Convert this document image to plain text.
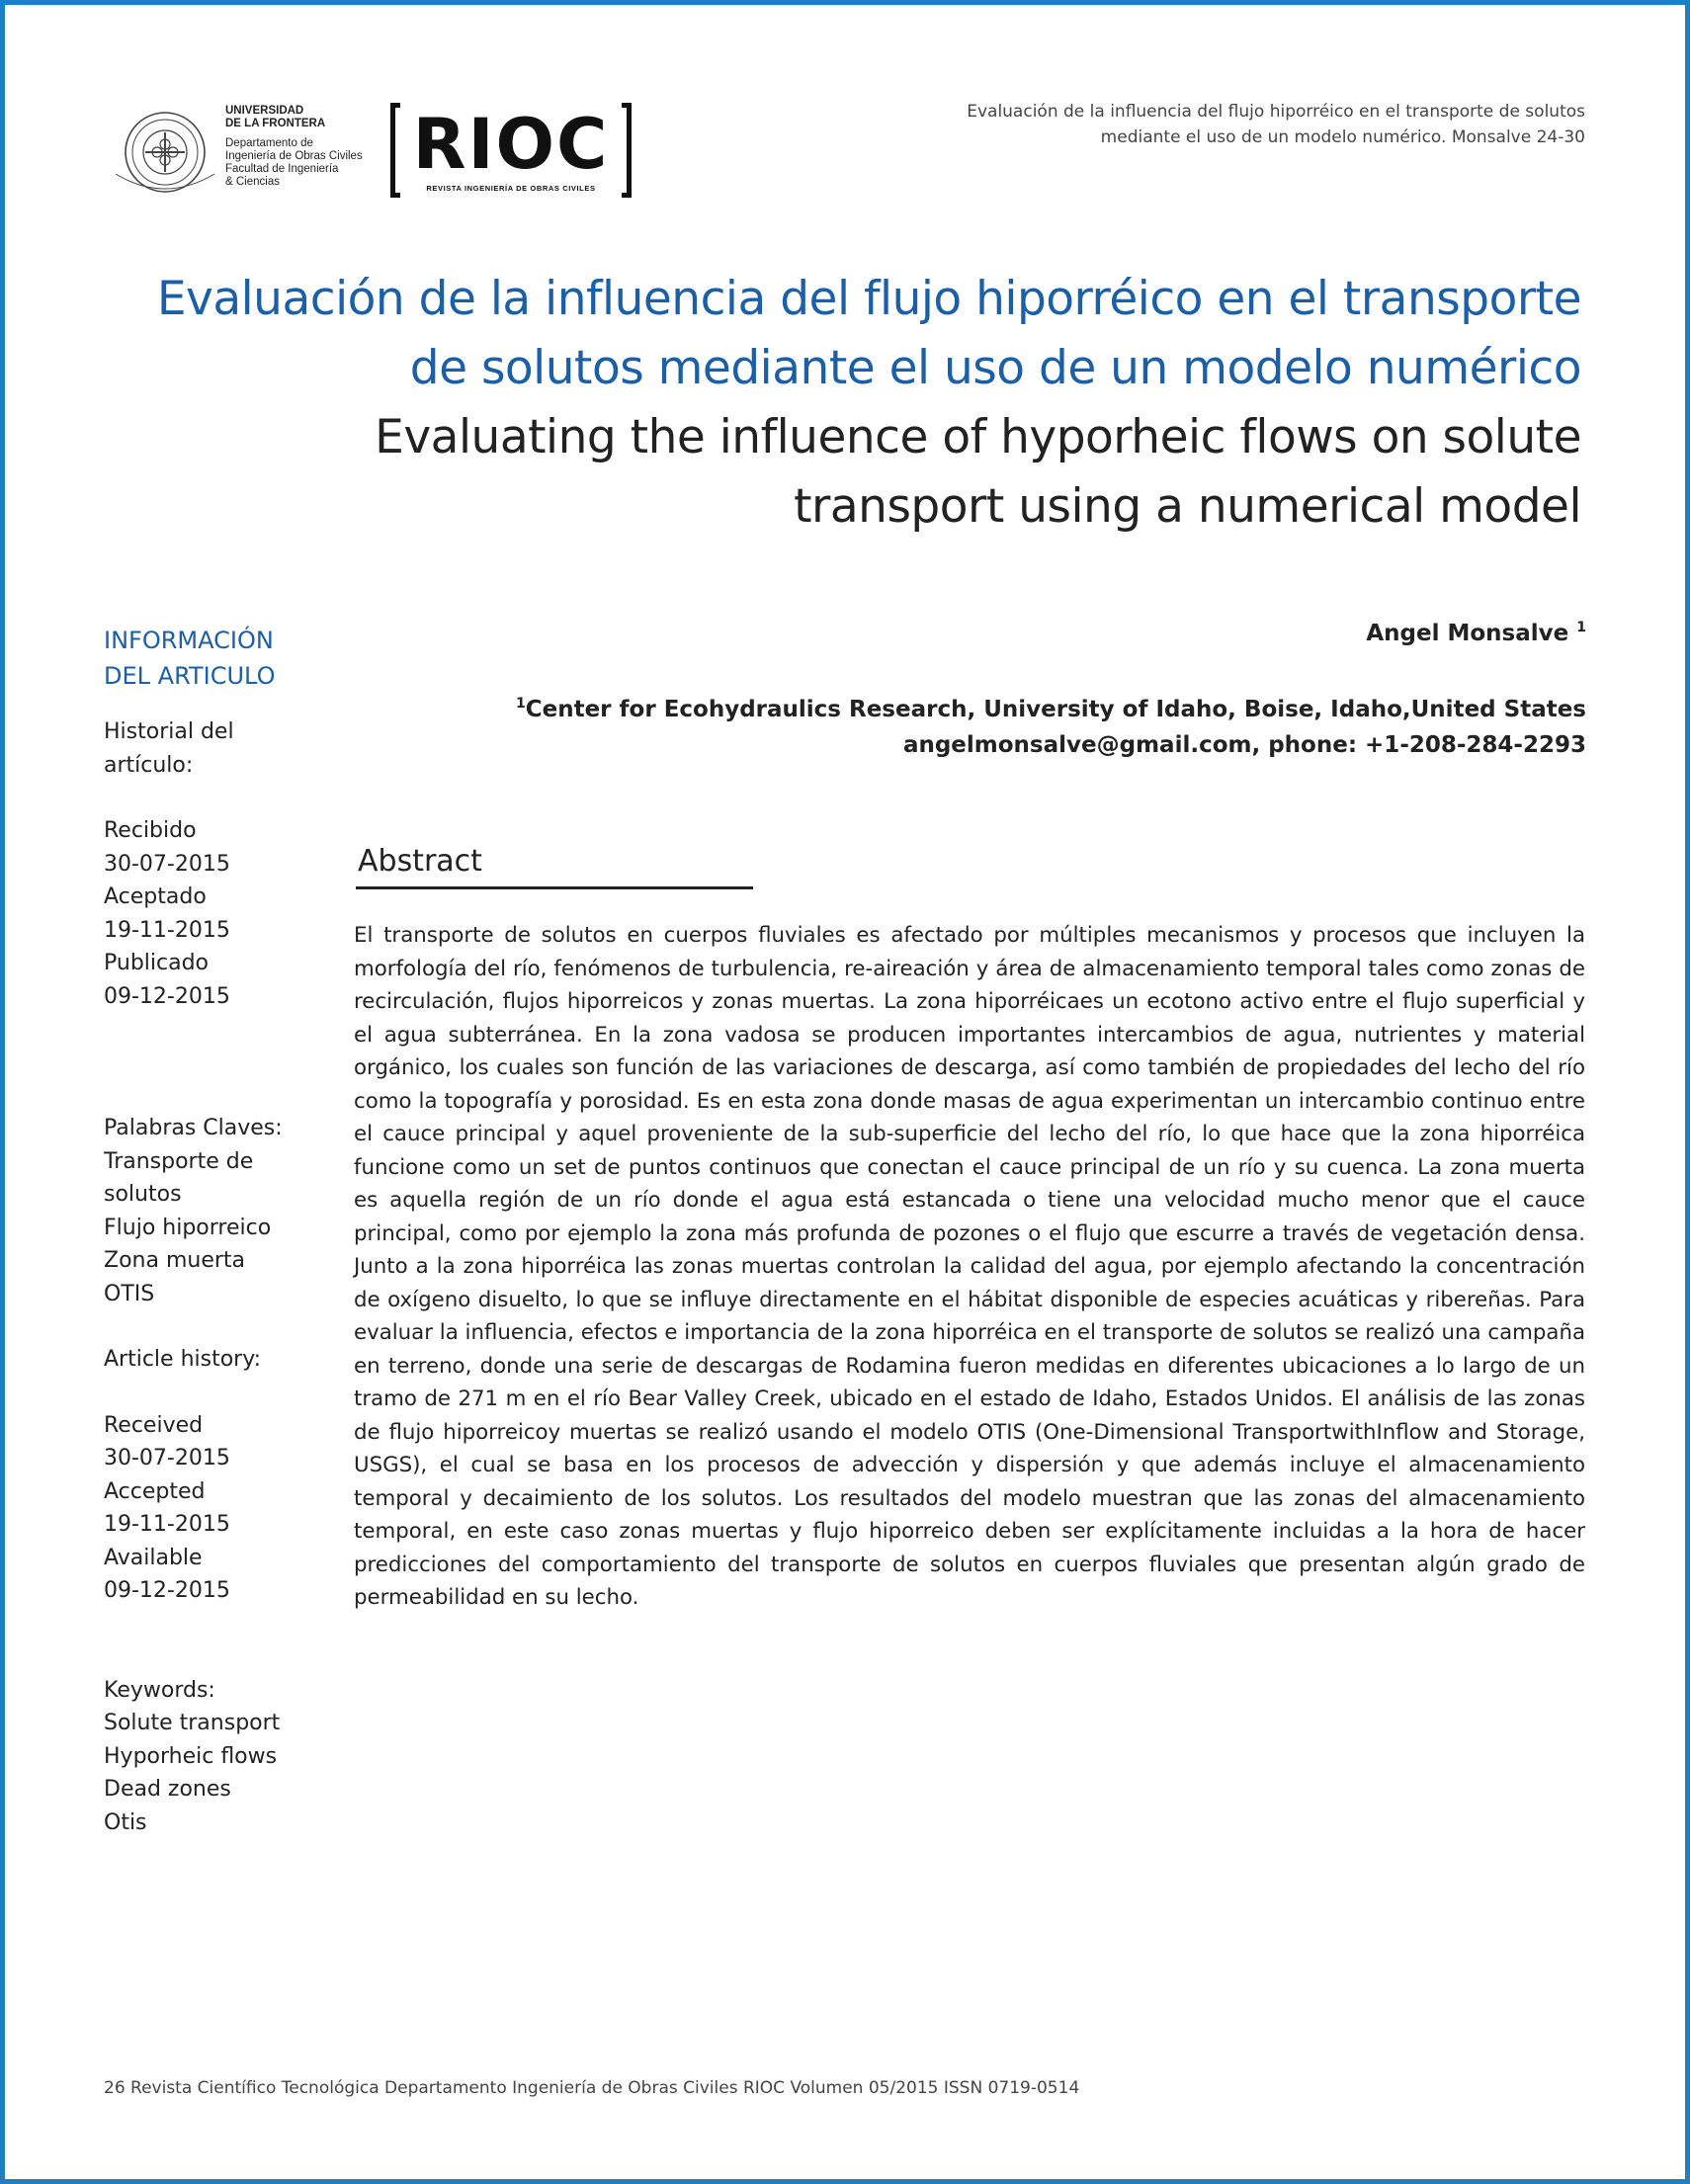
UNIVERSIDAD
DE LA FRONTERA
Departamento de
Ingeniería de Obras Civiles
Facultad de Ingeniería
& Ciencias	RIOC
REVISTA INGENIERÍA DE OBRAS CIVILES
Evaluación de la influencia del flujo hiporréico en el transporte de solutos
mediante el uso de un modelo numérico. Monsalve 24-30
Evaluación de la influencia del flujo hiporréico en el transporte
de solutos mediante el uso de un modelo numérico
Evaluating the influence of hyporheic flows on solute
transport using a numerical model
INFORMACIÓN
DEL ARTICULO
Historial del
artículo:
Recibido
30-07-2015
Aceptado
19-11-2015
Publicado
09-12-2015
Palabras Claves:
Transporte de
solutos
Flujo hiporreico
Zona muerta
OTIS
Article history:
Received
30-07-2015
Accepted
19-11-2015
Available
09-12-2015
Keywords:
Solute transport
Hyporheic flows
Dead zones
Otis
Angel Monsalve $^1$
$^1$Center for Ecohydraulics Research, University of Idaho, Boise, Idaho,United States
angelmonsalve@gmail.com, phone: +1-208-284-2293
Abstract
El transporte de solutos en cuerpos fluviales es afectado por múltiples mecanismos y procesos que incluyen la morfología del río, fenómenos de turbulencia, re-aireación y área de almacenamiento temporal tales como zonas de recirculación, flujos hiporreicos y zonas muertas. La zona hiporréicaes un ecotono activo entre el flujo superficial y el agua subterránea. En la zona vadosa se producen importantes intercambios de agua, nutrientes y material orgánico, los cuales son función de las variaciones de descarga, así como también de propiedades del lecho del río como la topografía y porosidad. Es en esta zona donde masas de agua experimentan un intercambio continuo entre el cauce principal y aquel proveniente de la sub-superficie del lecho del río, lo que hace que la zona hiporréica funcione como un set de puntos continuos que conectan el cauce principal de un río y su cuenca. La zona muerta es aquella región de un río donde el agua está estancada o tiene una velocidad mucho menor que el cauce principal, como por ejemplo la zona más profunda de pozones o el flujo que escurre a través de vegetación densa. Junto a la zona hiporréica las zonas muertas controlan la calidad del agua, por ejemplo afectando la concentración de oxígeno disuelto, lo que se influye directamente en el hábitat disponible de especies acuáticas y ribereñas. Para evaluar la influencia, efectos e importancia de la zona hiporréica en el transporte de solutos se realizó una campaña en terreno, donde una serie de descargas de Rodamina fueron medidas en diferentes ubicaciones a lo largo de un tramo de 271 m en el río Bear Valley Creek, ubicado en el estado de Idaho, Estados Unidos. El análisis de las zonas de flujo hiporreicoy muertas se realizó usando el modelo OTIS (One-Dimensional TransportwithInflow and Storage, USGS), el cual se basa en los procesos de advección y dispersión y que además incluye el almacenamiento temporal y decaimiento de los solutos. Los resultados del modelo muestran que las zonas del almacenamiento temporal, en este caso zonas muertas y flujo hiporreico deben ser explícitamente incluidas a la hora de hacer predicciones del comportamiento del transporte de solutos en cuerpos fluviales que presentan algún grado de permeabilidad en su lecho.
26 Revista Científico Tecnológica Departamento Ingeniería de Obras Civiles RIOC Volumen 05/2015 ISSN 0719-0514
